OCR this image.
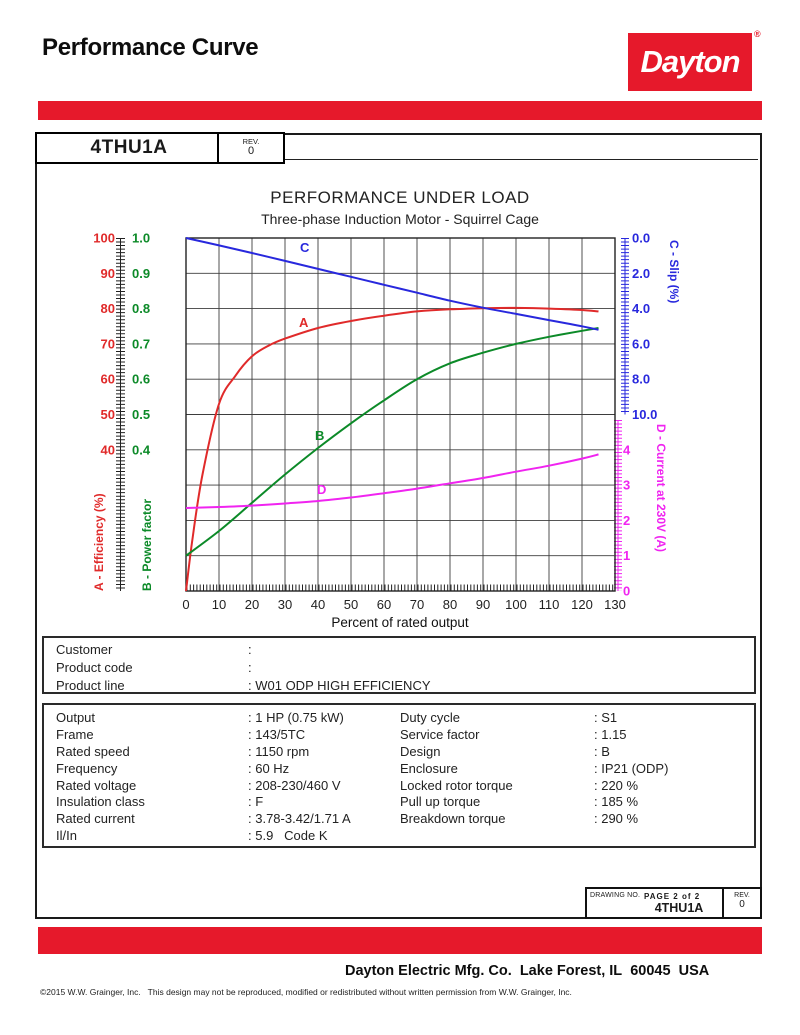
Performance Curve	Dayton
®
4THU1A	REV.
0
PERFORMANCE UNDER LOAD
Three-phase Induction Motor - Squirrel Cage
C
A
B
D
A - Efficiency (%)	B - Power factor
C - Slip (%)
D - Current at 230V (A)
Percent of rated output
100
90
80
70
60
50
40
1.0
0.9
0.8
0.7
0.6
0.5
0.4
0.0
2.0
4.0
6.0
8.0
10.0
4
3
2
1
0
0 10 20 30 40 50 60 70 80 90 100 110 120 130
Customer	:
Product code	:
Product line	: W01 ODP HIGH EFFICIENCY
Output	: 1 HP (0.75 kW)	Duty cycle	: S1
Frame	: 143/5TC	Service factor	: 1.15
Rated speed	: 1150 rpm	Design	: B
Frequency	: 60 Hz	Enclosure	: IP21 (ODP)
Rated voltage	: 208-230/460 V	Locked rotor torque	: 220 %
Insulation class	: F	Pull up torque	: 185 %
Rated current	: 3.78-3.42/1.71 A	Breakdown torque	: 290 %
Il/In	: 5.9   Code K
DRAWING NO. PAGE 2 of 2
4THU1A
REV.
0
Dayton Electric Mfg. Co.  Lake Forest, IL  60045  USA
©2015 W.W. Grainger, Inc.   This design may not be reproduced, modified or redistributed without written permission from W.W. Grainger, Inc.
